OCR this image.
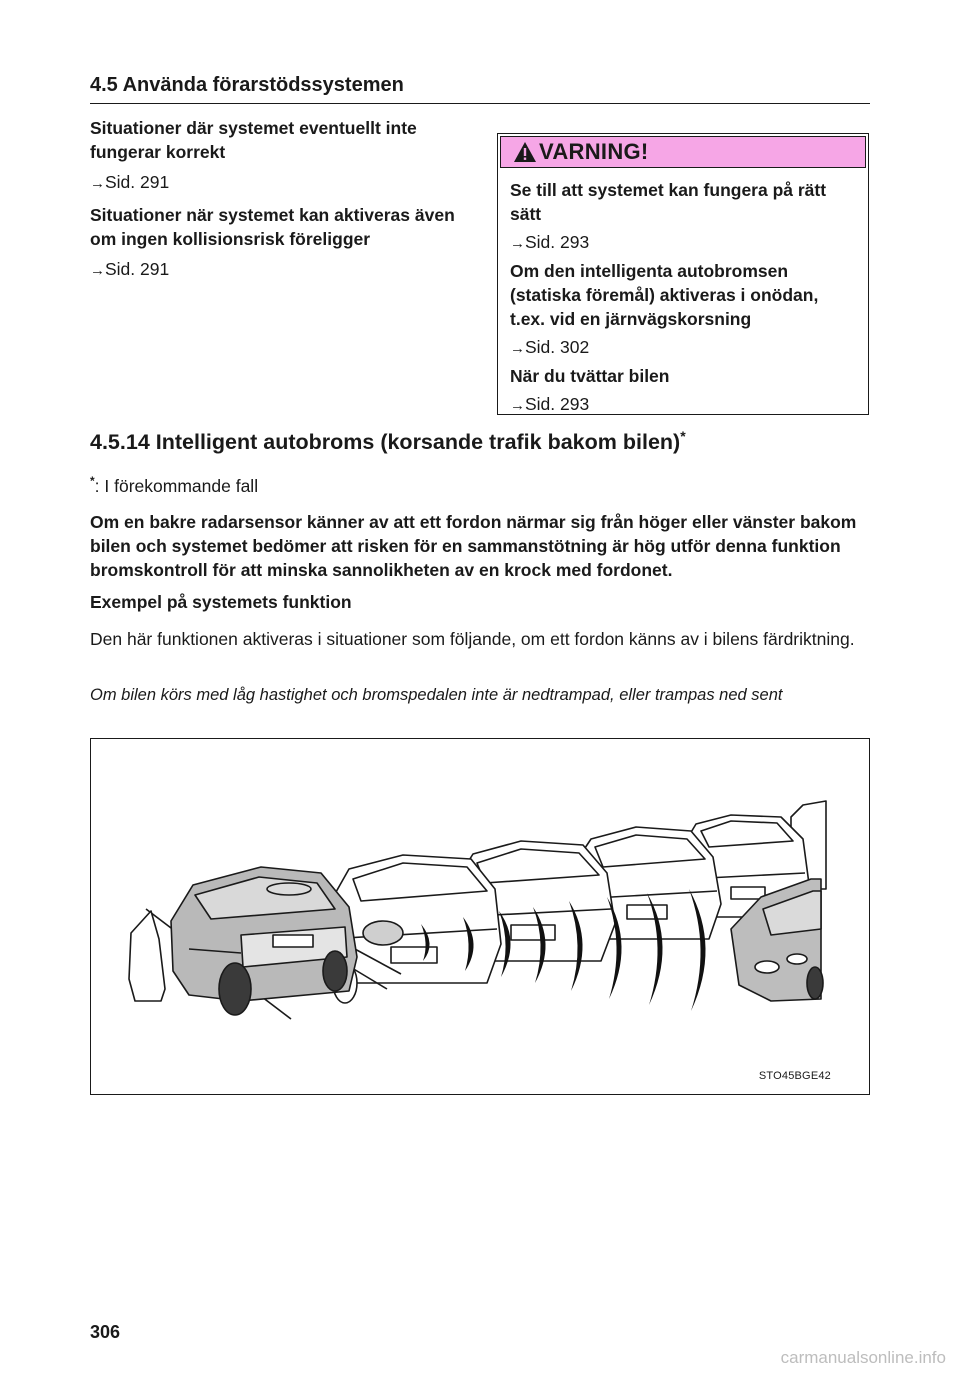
4.5 Använda förarstödssystemen

Situationer där systemet eventuellt inte fungerar korrekt

→Sid. 291

Situationer när systemet kan aktiveras även om ingen kollisionsrisk föreligger

→Sid. 291

VARNING!

Se till att systemet kan fungera på rätt sätt

→Sid. 293

Om den intelligenta autobromsen (statiska föremål) aktiveras i onödan, t.ex. vid en järnvägskorsning

→Sid. 302

När du tvättar bilen

→Sid. 293

4.5.14 Intelligent autobroms (korsande trafik bakom bilen)*
*: I förekommande fall

Om en bakre radarsensor känner av att ett fordon närmar sig från höger eller vänster bakom bilen och systemet bedömer att risken för en sammanstötning är hög utför denna funktion bromskontroll för att minska sannolikheten av en krock med fordonet.

Exempel på systemets funktion

Den här funktionen aktiveras i situationer som följande, om ett fordon känns av i bilens färdriktning.

Om bilen körs med låg hastighet och bromspedalen inte är nedtrampad, eller trampas ned sent

STO45BGE42
306
carmanualsonline.info
